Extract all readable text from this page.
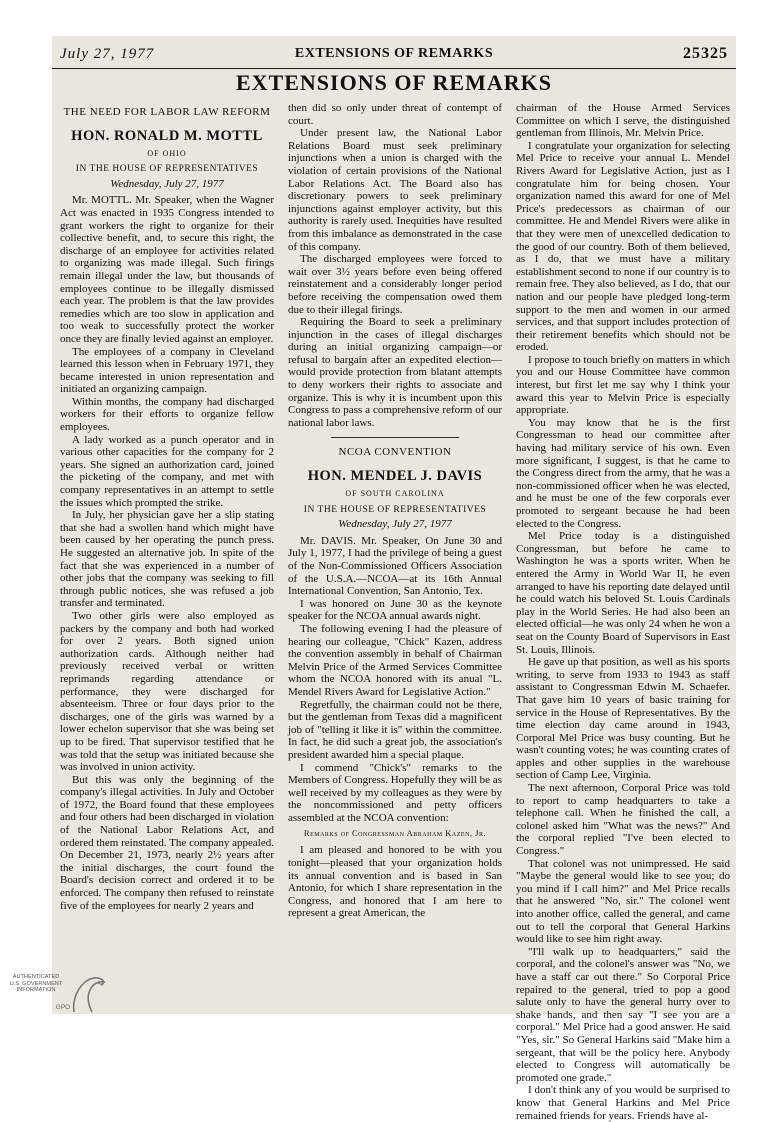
July 27, 1977	EXTENSIONS OF REMARKS	25325
EXTENSIONS OF REMARKS
THE NEED FOR LABOR LAW REFORM
HON. RONALD M. MOTTL
OF OHIO
IN THE HOUSE OF REPRESENTATIVES
Wednesday, July 27, 1977

Mr. MOTTL. Mr. Speaker, when the Wagner Act was enacted in 1935 Congress intended to grant workers the right to organize for their collective benefit, and, to secure this right, the discharge of an employee for activities related to organizing was made illegal. Such firings remain illegal under the law, but thousands of employees continue to be illegally dismissed each year. The problem is that the law provides remedies which are too slow in application and too weak to successfully protect the worker once they are finally levied against an employer.

The employees of a company in Cleveland learned this lesson when in February 1971, they became interested in union representation and initiated an organizing campaign.

Within months, the company had discharged workers for their efforts to organize fellow employees.

A lady worked as a punch operator and in various other capacities for the company for 2 years. She signed an authorization card, joined the picketing of the company, and met with company representatives in an attempt to settle the issues which prompted the strike.

In July, her physician gave her a slip stating that she had a swollen hand which might have been caused by her operating the punch press. He suggested an alternative job. In spite of the fact that she was experienced in a number of other jobs that the company was seeking to fill through public notices, she was refused a job transfer and terminated.

Two other girls were also employed as packers by the company and both had worked for over 2 years. Both signed union authorization cards. Although neither had previously received verbal or written reprimands regarding attendance or performance, they were discharged for absenteeism. Three or four days prior to the discharges, one of the girls was warned by a lower echelon supervisor that she was being set up to be fired. That supervisor testified that he was told that the setup was initiated because she was involved in union activity.

But this was only the beginning of the company's illegal activities. In July and October of 1972, the Board found that these employees and four others had been discharged in violation of the National Labor Relations Act, and ordered them reinstated. The company appealed. On December 21, 1973, nearly 2½ years after the initial discharges, the court found the Board's decision correct and ordered it to be enforced. The company then refused to reinstate five of the employees for nearly 2 years and

then did so only under threat of contempt of court.

Under present law, the National Labor Relations Board must seek preliminary injunctions when a union is charged with the violation of certain provisions of the National Labor Relations Act. The Board also has discretionary powers to seek preliminary injunctions against employer activity, but this authority is rarely used. Inequities have resulted from this imbalance as demonstrated in the case of this company.

The discharged employees were forced to wait over 3½ years before even being offered reinstatement and a considerably longer period before receiving the compensation owed them due to their illegal firings.

Requiring the Board to seek a preliminary injunction in the cases of illegal discharges during an initial organizing campaign—or refusal to bargain after an expedited election—would provide protection from blatant attempts to deny workers their rights to associate and organize. This is why it is incumbent upon this Congress to pass a comprehensive reform of our national labor laws.

NCOA CONVENTION
HON. MENDEL J. DAVIS
OF SOUTH CAROLINA
IN THE HOUSE OF REPRESENTATIVES
Wednesday, July 27, 1977

Mr. DAVIS. Mr. Speaker, On June 30 and July 1, 1977, I had the privilege of being a guest of the Non-Commissioned Officers Association of the U.S.A.—NCOA—at its 16th Annual International Convention, San Antonio, Tex.

I was honored on June 30 as the keynote speaker for the NCOA annual awards night.

The following evening I had the pleasure of hearing our colleague, "Chick" Kazen, address the convention assembly in behalf of Chairman Melvin Price of the Armed Services Committee whom the NCOA honored with its anual "L. Mendel Rivers Award for Legislative Action."

Regretfully, the chairman could not be there, but the gentleman from Texas did a magnificent job of "telling it like it is" within the committee. In fact, he did such a great job, the association's president awarded him a special plaque.

I commend "Chick's" remarks to the Members of Congress. Hopefully they will be as well received by my colleagues as they were by the noncommissioned and petty officers assembled at the NCOA convention:

Remarks of Congressman Abraham Kazen, Jr.

I am pleased and honored to be with you tonight—pleased that your organization holds its annual convention and is based in San Antonio, for which I share representation in the Congress, and honored that I am here to represent a great American, the

chairman of the House Armed Services Committee on which I serve, the distinguished gentleman from Illinois, Mr. Melvin Price.

I congratulate your organization for selecting Mel Price to receive your annual L. Mendel Rivers Award for Legislative Action, just as I congratulate him for being chosen. Your organization named this award for one of Mel Price's predecessors as chairman of our committee. He and Mendel Rivers were alike in that they were men of unexcelled dedication to the good of our country. Both of them believed, as I do, that we must have a military establishment second to none if our country is to remain free. They also believed, as I do, that our nation and our people have pledged long-term support to the men and women in our armed services, and that support includes protection of their retirement benefits which should not be eroded.

I propose to touch briefly on matters in which you and our House Committee have common interest, but first let me say why I think your award this year to Melvin Price is especially appropriate.

You may know that he is the first Congressman to head our committee after having had military service of his own. Even more significant, I suggest, is that he came to the Congress direct from the army, that he was a non-commissioned officer when he was elected, and he must be one of the few corporals ever promoted to sergeant because he had been elected to the Congress.

Mel Price today is a distinguished Congressman, but before he came to Washington he was a sports writer. When he entered the Army in World War II, he even arranged to have his reporting date delayed until he could watch his beloved St. Louis Cardinals play in the World Series. He had also been an elected official—he was only 24 when he won a seat on the County Board of Supervisors in East St. Louis, Illinois.

He gave up that position, as well as his sports writing, to serve from 1933 to 1943 as staff assistant to Congressman Edwin M. Schaefer. That gave him 10 years of basic training for service in the House of Representatives. By the time election day came around in 1943, Corporal Mel Price was busy counting. But he wasn't counting votes; he was counting crates of apples and other supplies in the warehouse section of Camp Lee, Virginia.

The next afternoon, Corporal Price was told to report to camp headquarters to take a telephone call. When he finished the call, a colonel asked him "What was the news?" And the corporal replied "I've been elected to Congress."

That colonel was not unimpressed. He said "Maybe the general would like to see you; do you mind if I call him?" and Mel Price recalls that he answered "No, sir." The colonel went into another office, called the general, and came out to tell the corporal that General Harkins would like to see him right away.

"I'll walk up to headquarters," said the corporal, and the colonel's answer was "No, we have a staff car out there." So Corporal Price repaired to the general, tried to pop a good salute only to have the general hurry over to shake hands, and then say "I see you are a corporal." Mel Price had a good answer. He said "Yes, sir." So General Harkins said "Make him a sergeant, that will be the policy here. Anybody elected to Congress will automatically be promoted one grade."

I don't think any of you would be surprised to know that General Harkins and Mel Price remained friends for years. Friends have al-

AUTHENTICATED
U.S. GOVERNMENT
INFORMATION
GPO
